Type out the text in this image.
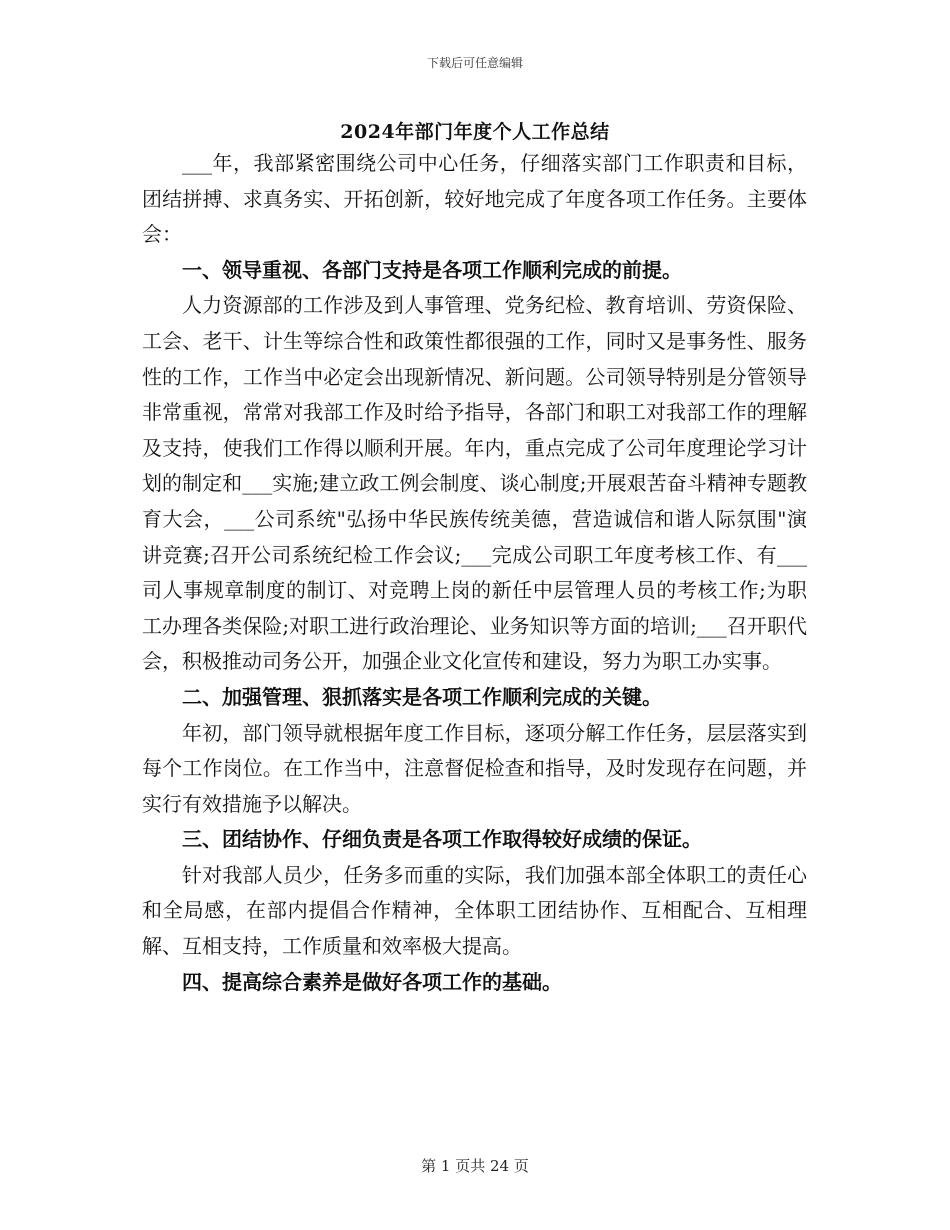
下载后可任意编辑
2024年部门年度个人工作总结

___年，我部紧密围绕公司中心任务，仔细落实部门工作职责和目标，团结拼搏、求真务实、开拓创新，较好地完成了年度各项工作任务。主要体会：

一、领导重视、各部门支持是各项工作顺利完成的前提。

人力资源部的工作涉及到人事管理、党务纪检、教育培训、劳资保险、工会、老干、计生等综合性和政策性都很强的工作，同时又是事务性、服务性的工作，工作当中必定会出现新情况、新问题。公司领导特别是分管领导非常重视，常常对我部工作及时给予指导，各部门和职工对我部工作的理解及支持，使我们工作得以顺利开展。年内，重点完成了公司年度理论学习计划的制定和___实施;建立政工例会制度、谈心制度;开展艰苦奋斗精神专题教育大会，___公司系统"弘扬中华民族传统美德，营造诚信和谐人际氛围"演讲竞赛;召开公司系统纪检工作会议;___完成公司职工年度考核工作、有___司人事规章制度的制订、对竞聘上岗的新任中层管理人员的考核工作;为职工办理各类保险;对职工进行政治理论、业务知识等方面的培训;___召开职代会，积极推动司务公开，加强企业文化宣传和建设，努力为职工办实事。

二、加强管理、狠抓落实是各项工作顺利完成的关键。

年初，部门领导就根据年度工作目标，逐项分解工作任务，层层落实到每个工作岗位。在工作当中，注意督促检查和指导，及时发现存在问题，并实行有效措施予以解决。

三、团结协作、仔细负责是各项工作取得较好成绩的保证。

针对我部人员少，任务多而重的实际，我们加强本部全体职工的责任心和全局感，在部内提倡合作精神，全体职工团结协作、互相配合、互相理解、互相支持，工作质量和效率极大提高。

四、提高综合素养是做好各项工作的基础。

第 1 页共 24 页
